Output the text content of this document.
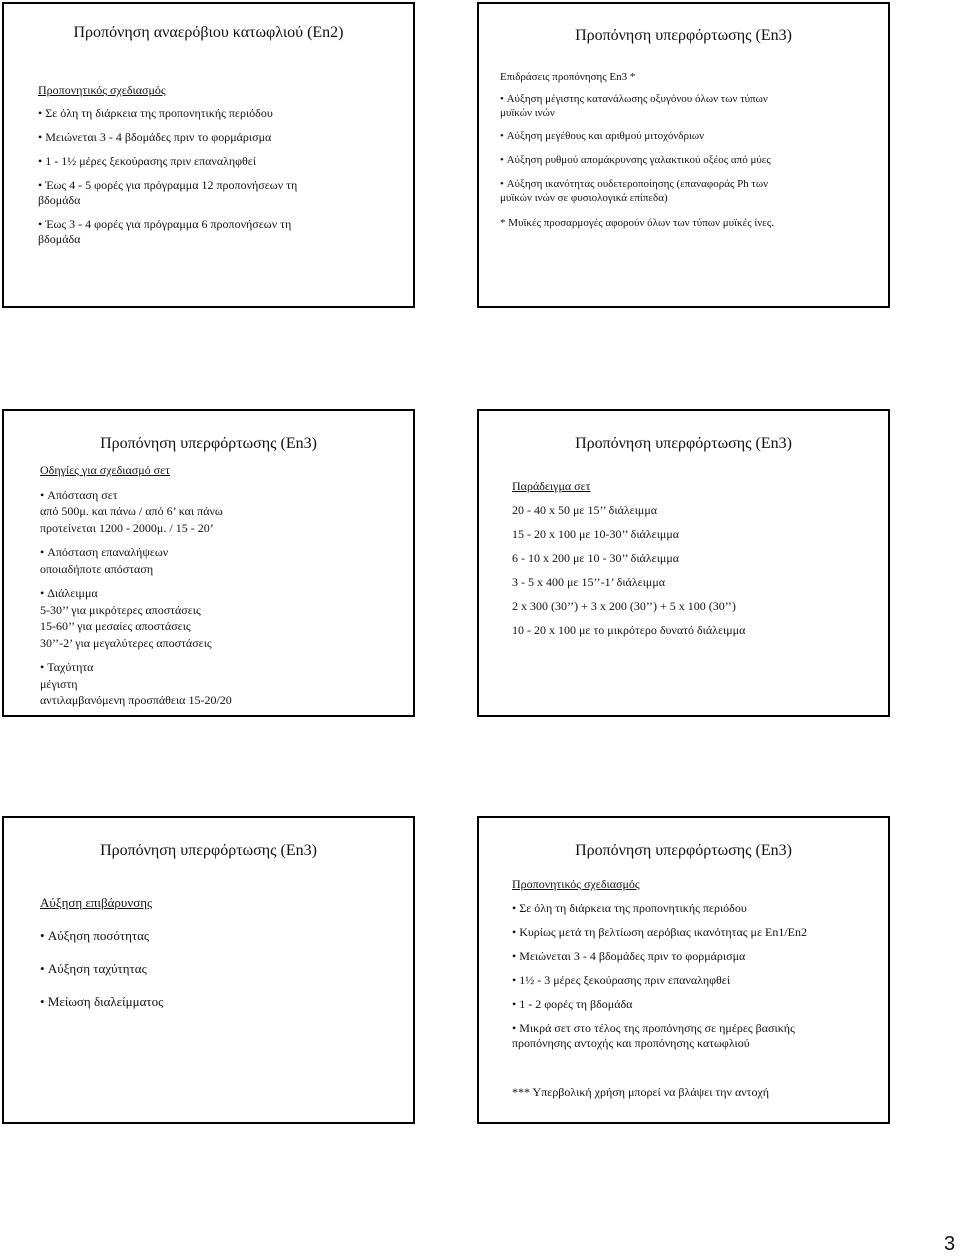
Προπόνηση αναερόβιου κατωφλιού (En2)
Προπονητικός σχεδιασμός
• Σε όλη τη διάρκεια της προπονητικής περιόδου
• Μειώνεται 3 - 4 βδομάδες πριν το φορμάρισμα
• 1 - 1½ μέρες ξεκούρασης πριν επαναληφθεί
• Έως 4 - 5 φορές για πρόγραμμα 12 προπονήσεων τη
βδομάδα
• Έως 3 - 4 φορές για πρόγραμμα 6 προπονήσεων τη
βδομάδα
Προπόνηση υπερφόρτωσης (En3)
Επιδράσεις προπόνησης En3 *
• Αύξηση μέγιστης κατανάλωσης οξυγόνου όλων των τύπων
μυϊκών ινών
• Αύξηση μεγέθους και αριθμού μιτοχόνδριων
• Αύξηση ρυθμού απομάκρυνσης γαλακτικού οξέος από μύες
• Αύξηση ικανότητας ουδετεροποίησης (επαναφοράς Ph των
μυϊκών ινών σε φυσιολογικά επίπεδα)
* Μυϊκές προσαρμογές αφορούν όλων των τύπων μυϊκές ίνες.
Προπόνηση υπερφόρτωσης (En3)
Οδηγίες για σχεδιασμό σετ
• Απόσταση σετ
από 500μ. και πάνω / από 6’ και πάνω
προτείνεται 1200 - 2000μ. / 15 - 20’
• Απόσταση επαναλήψεων
οποιαδήποτε απόσταση
• Διάλειμμα
5-30’’ για μικρότερες αποστάσεις
15-60’’ για μεσαίες αποστάσεις
30’’-2’ για μεγαλύτερες αποστάσεις
• Ταχύτητα
μέγιστη
αντιλαμβανόμενη προσπάθεια 15-20/20
Προπόνηση υπερφόρτωσης (En3)
Παράδειγμα σετ
20 - 40 x 50 με 15’’ διάλειμμα
15 - 20 x 100 με 10-30’’ διάλειμμα
6 - 10 x 200 με 10 - 30’’ διάλειμμα
3 - 5 x 400 με 15’’-1’ διάλειμμα
2 x 300 (30’’) + 3 x 200 (30’’) + 5 x 100 (30’’)
10 - 20 x 100 με το μικρότερο δυνατό διάλειμμα
Προπόνηση υπερφόρτωσης (En3)
Αύξηση επιβάρυνσης
• Αύξηση ποσότητας
• Αύξηση ταχύτητας
• Μείωση διαλείμματος
Προπόνηση υπερφόρτωσης (En3)
Προπονητικός σχεδιασμός
• Σε όλη τη διάρκεια της προπονητικής περιόδου
• Κυρίως μετά τη βελτίωση αερόβιας ικανότητας με En1/En2
• Μειώνεται 3 - 4 βδομάδες πριν το φορμάρισμα
• 1½ - 3 μέρες ξεκούρασης πριν επαναληφθεί
• 1 - 2 φορές τη βδομάδα
• Μικρά σετ στο τέλος της προπόνησης σε ημέρες βασικής
προπόνησης αντοχής και προπόνησης κατωφλιού
*** Υπερβολική χρήση μπορεί να βλάψει την αντοχή
3
